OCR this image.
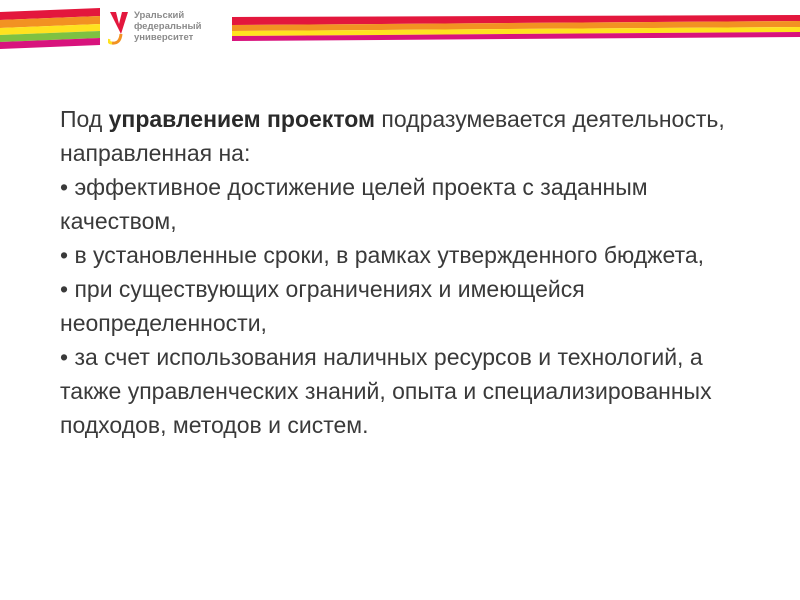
Уральский
федеральный
университет

Под управлением проектом подразумевается деятельность, направленная на:

• эффективное достижение целей проекта с заданным качеством,

• в установленные сроки, в рамках утвержденного бюджета,

• при существующих ограничениях и имеющейся неопределенности,

• за счет использования наличных ресурсов и технологий, а также управленческих знаний, опыта и специализированных подходов, методов и систем.
